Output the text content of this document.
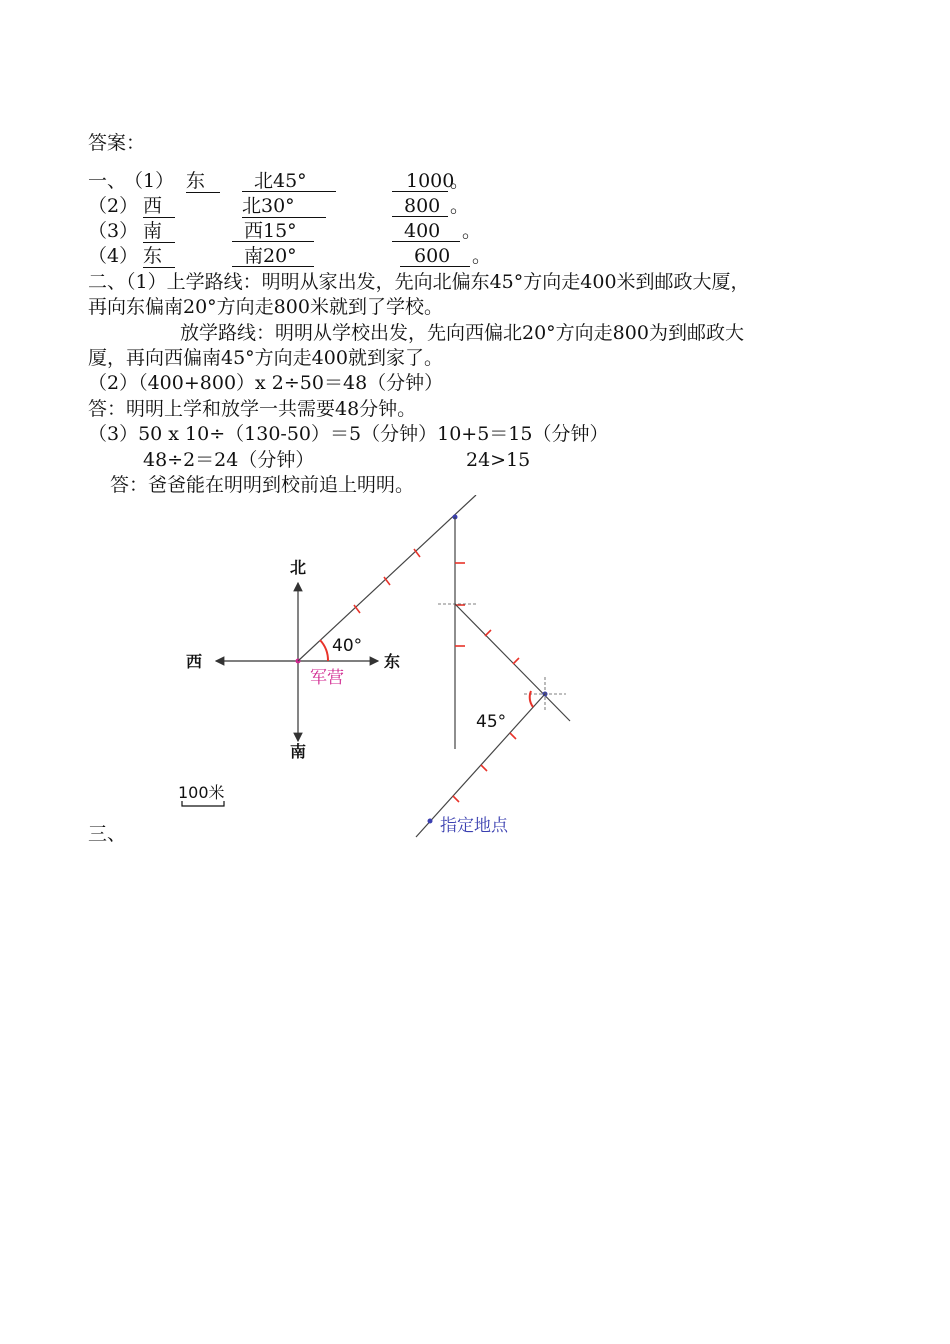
答案：
一、
（1） 东	北45°	1000
。
（2） 西	北30°	800 。
（3） 南	西15°	400	。
（4） 东	南20°	600	。
二、（1）上学路线：明明从家出发，先向北偏东45°方向走400米到邮政大厦，
再向东偏南20°方向走800米就到了学校。
放学路线：明明从学校出发，先向西偏北20°方向走800为到邮政大
厦，再向西偏南45°方向走400就到家了。
（2）（400+800）x 2÷50＝48（分钟）
答：明明上学和放学一共需要48分钟。
（3）50 x 10÷（130-50）＝5（分钟）10+5＝15（分钟）
48÷2＝24（分钟）	24>15
答：爸爸能在明明到校前追上明明。
北
南
西	东
军营
40°
45°
指定地点
100米
三、
